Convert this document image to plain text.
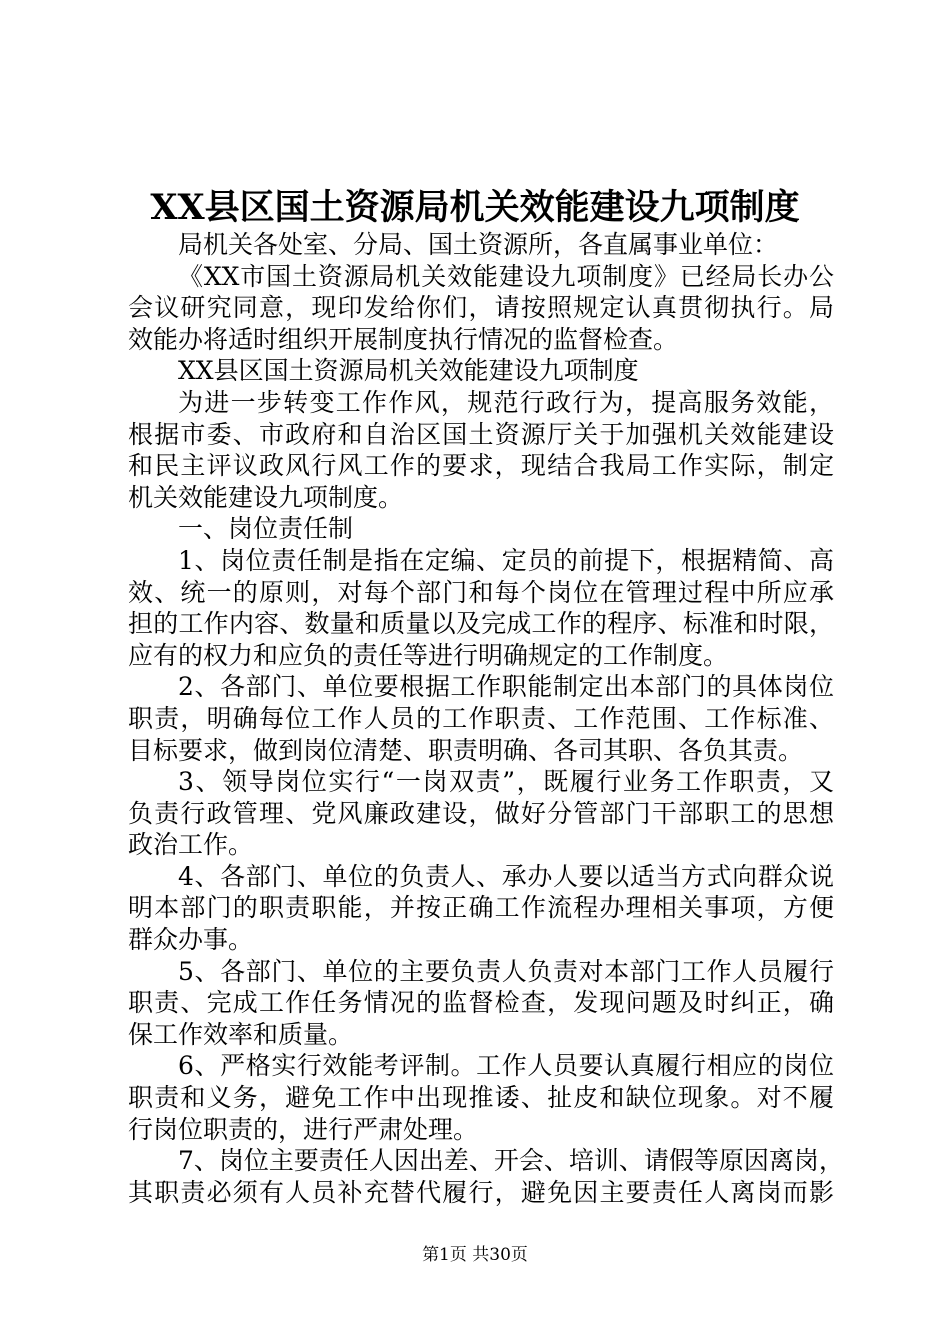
XX县区国土资源局机关效能建设九项制度
局机关各处室、分局、国土资源所，各直属事业单位：
《XX市国土资源局机关效能建设九项制度》已经局长办公
会议研究同意，现印发给你们，请按照规定认真贯彻执行。局
效能办将适时组织开展制度执行情况的监督检查。
XX县区国土资源局机关效能建设九项制度
为进一步转变工作作风，规范行政行为，提高服务效能，
根据市委、市政府和自治区国土资源厅关于加强机关效能建设
和民主评议政风行风工作的要求，现结合我局工作实际，制定
机关效能建设九项制度。
一、岗位责任制
1、岗位责任制是指在定编、定员的前提下，根据精简、高
效、统一的原则，对每个部门和每个岗位在管理过程中所应承
担的工作内容、数量和质量以及完成工作的程序、标准和时限，
应有的权力和应负的责任等进行明确规定的工作制度。
2、各部门、单位要根据工作职能制定出本部门的具体岗位
职责，明确每位工作人员的工作职责、工作范围、工作标准、
目标要求，做到岗位清楚、职责明确、各司其职、各负其责。
3、领导岗位实行“一岗双责”，既履行业务工作职责，又
负责行政管理、党风廉政建设，做好分管部门干部职工的思想
政治工作。
4、各部门、单位的负责人、承办人要以适当方式向群众说
明本部门的职责职能，并按正确工作流程办理相关事项，方便
群众办事。
5、各部门、单位的主要负责人负责对本部门工作人员履行
职责、完成工作任务情况的监督检查，发现问题及时纠正，确
保工作效率和质量。
6、严格实行效能考评制。工作人员要认真履行相应的岗位
职责和义务，避免工作中出现推诿、扯皮和缺位现象。对不履
行岗位职责的，进行严肃处理。
7、岗位主要责任人因出差、开会、培训、请假等原因离岗，
其职责必须有人员补充替代履行，避免因主要责任人离岗而影
第1页 共30页
